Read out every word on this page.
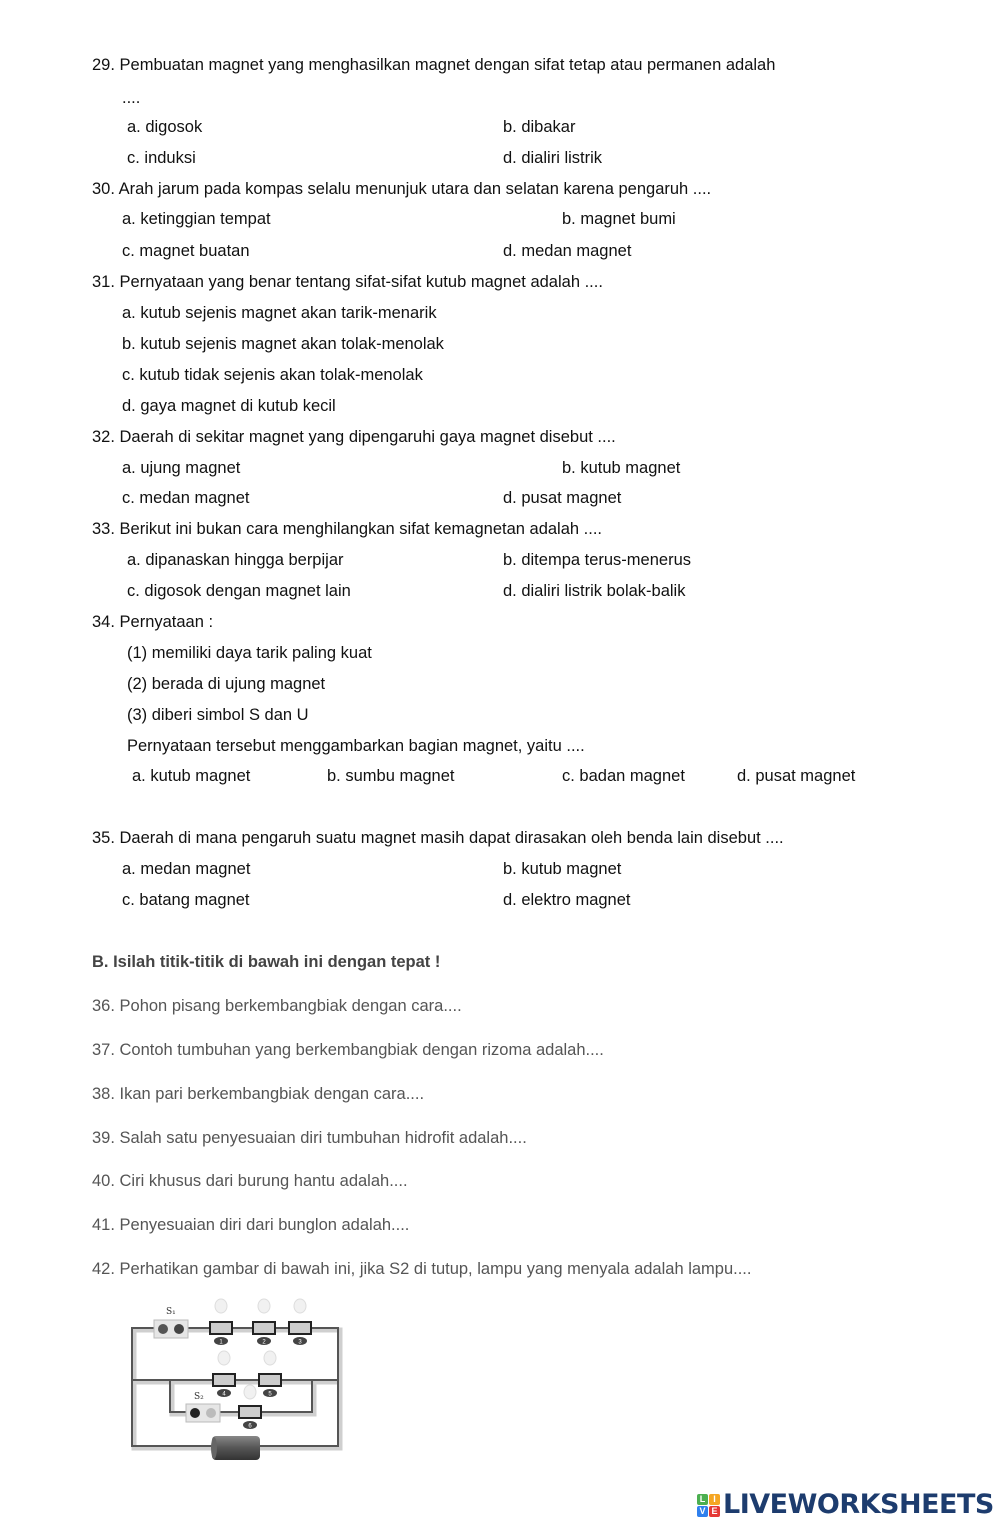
29. Pembuatan magnet yang menghasilkan magnet dengan sifat tetap atau permanen adalah
....
a. digosok	b. dibakar
c. induksi	d. dialiri listrik
30. Arah jarum pada kompas selalu menunjuk utara dan selatan karena pengaruh ....
a. ketinggian tempat	b. magnet bumi
c. magnet buatan	d. medan magnet
31. Pernyataan yang benar tentang sifat-sifat kutub magnet adalah ....
a. kutub sejenis magnet akan tarik-menarik
b. kutub sejenis magnet akan tolak-menolak
c. kutub tidak sejenis akan tolak-menolak
d. gaya magnet di kutub kecil
32. Daerah di sekitar magnet yang dipengaruhi gaya magnet disebut ....
a. ujung magnet	b. kutub magnet
c. medan magnet	d. pusat magnet
33. Berikut ini bukan cara menghilangkan sifat kemagnetan adalah ....
a. dipanaskan hingga berpijar	b. ditempa terus-menerus
c. digosok dengan magnet lain	d. dialiri listrik bolak-balik
34. Pernyataan :
(1) memiliki daya tarik paling kuat
(2) berada di ujung magnet
(3) diberi simbol S dan U
Pernyataan tersebut menggambarkan bagian magnet, yaitu ....
a. kutub magnet	b. sumbu magnet	c. badan magnet	d. pusat magnet
35. Daerah di mana pengaruh suatu magnet masih dapat dirasakan oleh benda lain disebut ....
a. medan magnet	b. kutub magnet
c. batang magnet	d. elektro magnet
B. Isilah titik-titik di bawah ini dengan tepat !
36. Pohon pisang berkembangbiak dengan cara....
37. Contoh tumbuhan yang berkembangbiak dengan rizoma adalah....
38. Ikan pari berkembangbiak dengan cara....
39. Salah satu penyesuaian diri tumbuhan hidrofit adalah....
40. Ciri khusus dari burung hantu adalah....
41. Penyesuaian diri dari bunglon adalah....
42. Perhatikan gambar di bawah ini, jika S2 di tutup, lampu yang menyala adalah lampu....
S₁
S₂
1	2	3
4	5
6
L I
V E LIVEWORKSHEETS
